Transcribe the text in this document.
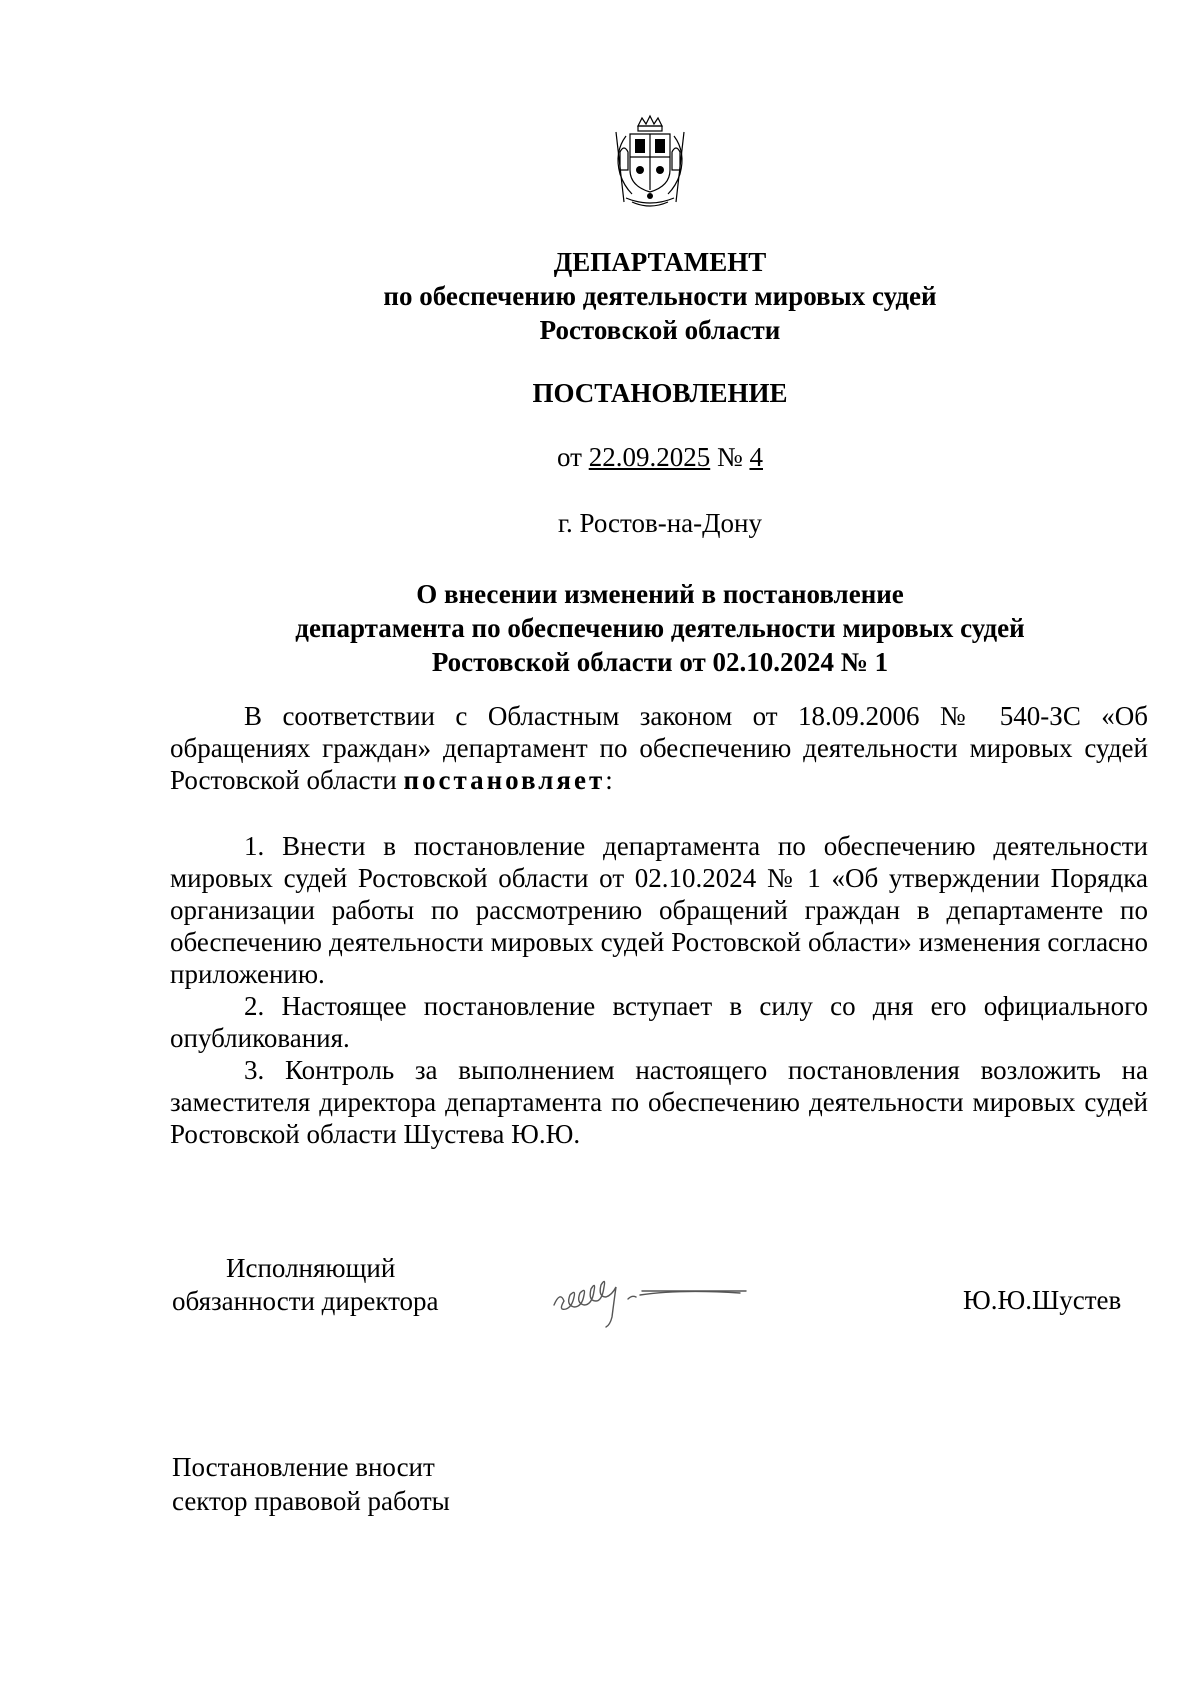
ДЕПАРТАМЕНТ
по обеспечению деятельности мировых судей
Ростовской области
ПОСТАНОВЛЕНИЕ
от 22.09.2025 № 4
г. Ростов-на-Дону
О внесении изменений в постановление
департамента по обеспечению деятельности мировых судей
Ростовской области от 02.10.2024 № 1

В соответствии с Областным законом от 18.09.2006 № 540-ЗС «Об обращениях граждан» департамент по обеспечению деятельности мировых судей Ростовской области постановляет:

1. Внести в постановление департамента по обеспечению деятельности мировых судей Ростовской области от 02.10.2024 № 1 «Об утверждении Порядка организации работы по рассмотрению обращений граждан в департаменте по обеспечению деятельности мировых судей Ростовской области» изменения согласно приложению.

2. Настоящее постановление вступает в силу со дня его официального опубликования.

3. Контроль за выполнением настоящего постановления возложить на заместителя директора департамента по обеспечению деятельности мировых судей Ростовской области Шустева Ю.Ю.

Исполняющий
обязанности директора	Ю.Ю.Шустев
Постановление вносит
сектор правовой работы
